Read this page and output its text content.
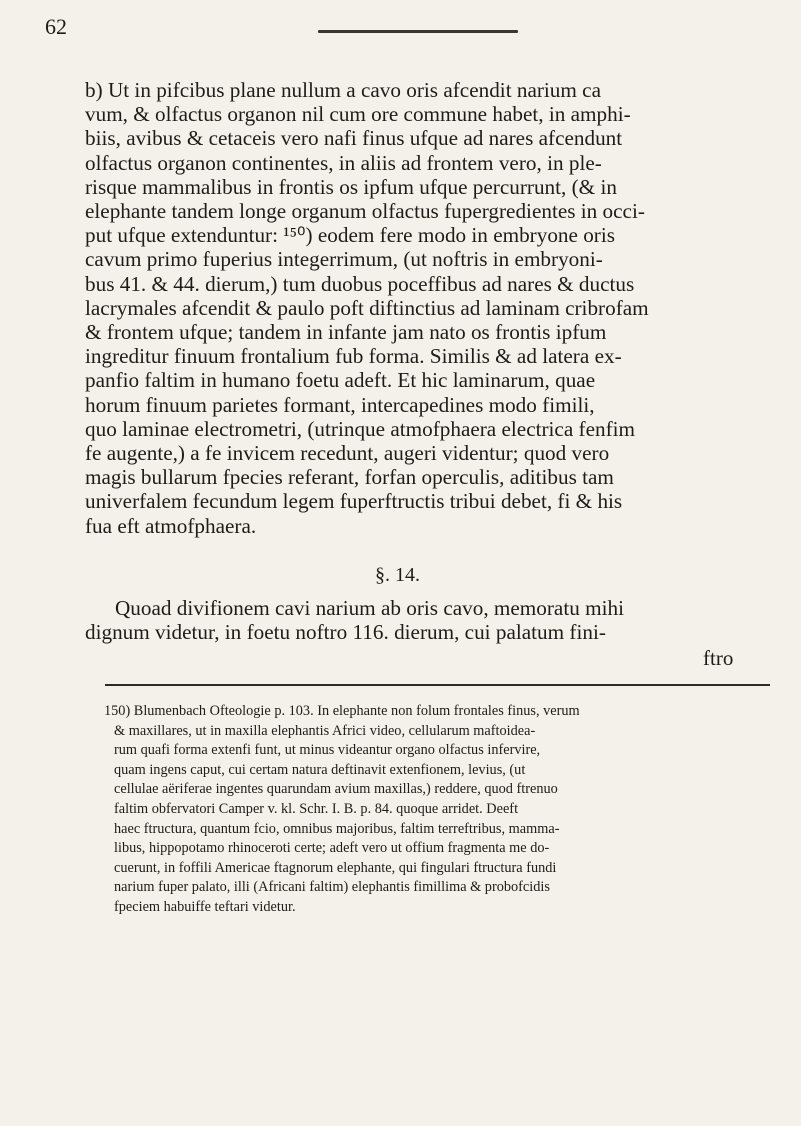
62
b) Ut in pifcibus plane nullum a cavo oris afcendit narium ca
vum, & olfactus organon nil cum ore commune habet, in amphi-
biis, avibus & cetaceis vero nafi finus ufque ad nares afcendunt
olfactus organon continentes, in aliis ad frontem vero, in ple-
risque mammalibus in frontis os ipfum ufque percurrunt, (& in
elephante tandem longe organum olfactus fupergredientes in occi-
put ufque extenduntur: ¹⁵⁰) eodem fere modo in embryone oris
cavum primo fuperius integerrimum, (ut noftris in embryoni-
bus 41. & 44. dierum,) tum duobus poceffibus ad nares & ductus
lacrymales afcendit & paulo poft diftinctius ad laminam cribrofam
& frontem ufque; tandem in infante jam nato os frontis ipfum
ingreditur finuum frontalium fub forma. Similis & ad latera ex-
panfio faltim in humano foetu adeft. Et hic laminarum, quae
horum finuum parietes formant, intercapedines modo fimili,
quo laminae electrometri, (utrinque atmofphaera electrica fenfim
fe augente,) a fe invicem recedunt, augeri videntur; quod vero
magis bullarum fpecies referant, forfan operculis, aditibus tam
univerfalem fecundum legem fuperftructis tribui debet, fi & his
fua eft atmofphaera.
§. 14.
Quoad divifionem cavi narium ab oris cavo, memoratu mihi
dignum videtur, in foetu noftro 116. dierum, cui palatum fini-
ftro
150) Blumenbach Ofteologie p. 103. In elephante non folum frontales finus, verum
& maxillares, ut in maxilla elephantis Africi video, cellularum maftoidea-
rum quafi forma extenfi funt, ut minus videantur organo olfactus infervire,
quam ingens caput, cui certam natura deftinavit extenfionem, levius, (ut
cellulae aëriferae ingentes quarundam avium maxillas,) reddere, quod ftrenuo
faltim obfervatori Camper v. kl. Schr. I. B. p. 84. quoque arridet. Deeft
haec ftructura, quantum fcio, omnibus majoribus, faltim terreftribus, mamma-
libus, hippopotamo rhinoceroti certe; adeft vero ut offium fragmenta me do-
cuerunt, in foffili Americae ftagnorum elephante, qui fingulari ftructura fundi
narium fuper palato, illi (Africani faltim) elephantis fimillima & probofcidis
fpeciem habuiffe teftari videtur.
